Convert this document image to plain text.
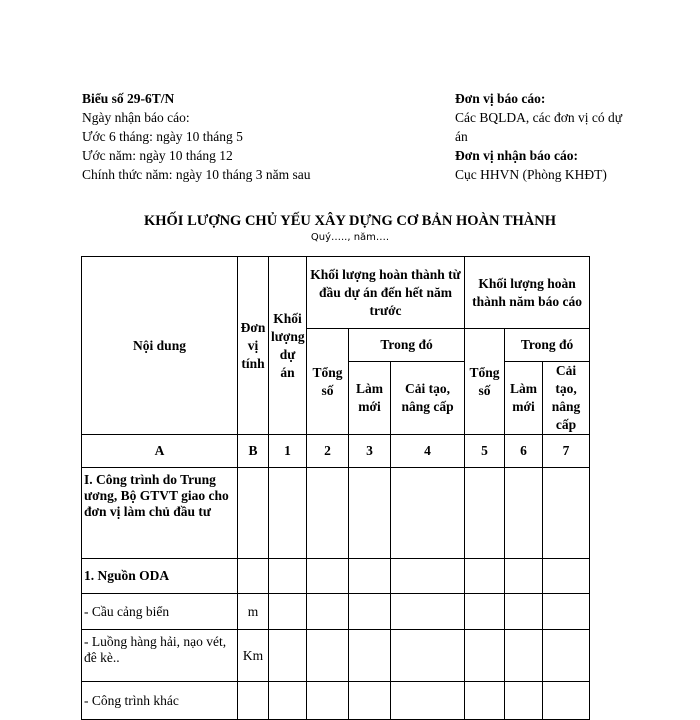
Biểu số 29-6T/N
Ngày nhận báo cáo:
Ước 6 tháng: ngày 10 tháng 5
Ước năm: ngày 10 tháng 12
Chính thức năm: ngày 10 tháng 3 năm sau
Đơn vị báo cáo:
Các BQLDA, các đơn vị có dự án
Đơn vị nhận báo cáo:
Cục HHVN (Phòng KHĐT)
KHỐI LƯỢNG CHỦ YẾU XÂY DỰNG CƠ BẢN HOÀN THÀNH
Quý….., năm….
Nội dung	Đơn vị tính	Khối lượng dự án	Khối lượng hoàn thành từ đầu dự án đến hết năm trước			Khối lượng hoàn thành năm báo cáo		
			Tổng số	Trong đó		Tổng số	Trong đó	
				Làm mới	Cải tạo, nâng cấp		Làm mới	Cải tạo, nâng cấp
A	B	1	2	3	4	5	6	7
I. Công trình do Trung ương, Bộ GTVT giao cho đơn vị làm chủ đầu tư								
1. Nguồn ODA								
- Cầu cảng biển	m							
- Luồng hàng hải, nạo vét, đê kè..	Km							
- Công trình khác								
